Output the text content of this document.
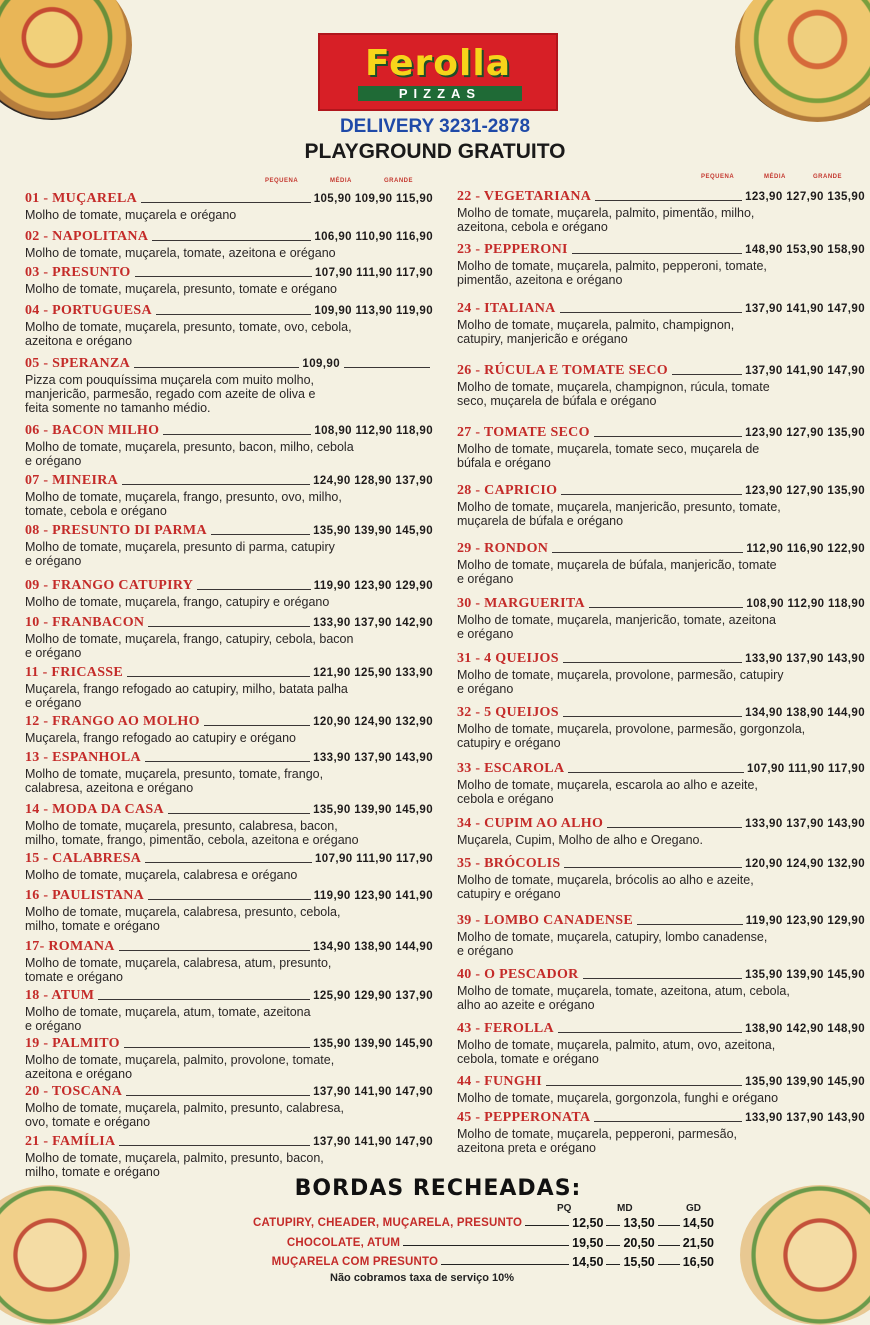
Ferolla
PIZZAS
DELIVERY 3231-2878
PLAYGROUND GRATUITO
PEQUENA	MÉDIA	GRANDE
PEQUENA	MÉDIA	GRANDE
01 - MUÇARELA	105,90 109,90 115,90
Molho de tomate, muçarela e orégano
02 - NAPOLITANA	106,90 110,90 116,90
Molho de tomate, muçarela, tomate, azeitona e orégano
03 - PRESUNTO	107,90 111,90 117,90
Molho de tomate, muçarela, presunto, tomate e orégano
04 - PORTUGUESA	109,90 113,90 119,90
Molho de tomate, muçarela, presunto, tomate, ovo, cebola,
azeitona e orégano
05 - SPERANZA	109,90
Pizza com pouquíssima muçarela com muito molho,
manjericão, parmesão, regado com azeite de oliva e
feita somente no tamanho médio.
06 - BACON MILHO	108,90 112,90 118,90
Molho de tomate, muçarela, presunto, bacon, milho, cebola
e orégano
07 - MINEIRA	124,90 128,90 137,90
Molho de tomate, muçarela, frango, presunto, ovo, milho,
tomate, cebola e orégano
08 - PRESUNTO DI PARMA	135,90 139,90 145,90
Molho de tomate, muçarela, presunto di parma, catupiry
e orégano
09 - FRANGO CATUPIRY	119,90 123,90 129,90
Molho de tomate, muçarela, frango, catupiry e orégano
10 - FRANBACON	133,90 137,90 142,90
Molho de tomate, muçarela, frango, catupiry, cebola, bacon
e orégano
11 - FRICASSE	121,90 125,90 133,90
Muçarela, frango refogado ao catupiry, milho, batata palha
e orégano
12 - FRANGO AO MOLHO	120,90 124,90 132,90
Muçarela, frango refogado ao catupiry e orégano
13 - ESPANHOLA	133,90 137,90 143,90
Molho de tomate, muçarela, presunto, tomate, frango,
calabresa, azeitona e orégano
14 - MODA DA CASA	135,90 139,90 145,90
Molho de tomate, muçarela, presunto, calabresa, bacon,
milho, tomate, frango, pimentão, cebola, azeitona e orégano
15 - CALABRESA	107,90 111,90 117,90
Molho de tomate, muçarela, calabresa e orégano
16 - PAULISTANA	119,90 123,90 141,90
Molho de tomate, muçarela, calabresa, presunto, cebola,
milho, tomate e orégano
17- ROMANA	134,90 138,90 144,90
Molho de tomate, muçarela, calabresa, atum, presunto,
tomate e orégano
18 - ATUM	125,90 129,90 137,90
Molho de tomate, muçarela, atum, tomate, azeitona
e orégano
19 - PALMITO	135,90 139,90 145,90
Molho de tomate, muçarela, palmito, provolone, tomate,
azeitona e orégano
20 - TOSCANA	137,90 141,90 147,90
Molho de tomate, muçarela, palmito, presunto, calabresa,
ovo, tomate e orégano
21 - FAMÍLIA	137,90 141,90 147,90
Molho de tomate, muçarela, palmito, presunto, bacon,
milho, tomate e orégano
22 - VEGETARIANA	123,90 127,90 135,90
Molho de tomate, muçarela, palmito, pimentão, milho,
azeitona, cebola e orégano
23 - PEPPERONI	148,90 153,90 158,90
Molho de tomate, muçarela, palmito, pepperoni, tomate,
pimentão, azeitona e orégano
24 - ITALIANA	137,90 141,90 147,90
Molho de tomate, muçarela, palmito, champignon,
catupiry, manjericão e orégano
26 - RÚCULA E TOMATE SECO	137,90 141,90 147,90
Molho de tomate, muçarela, champignon, rúcula, tomate
seco, muçarela de búfala e orégano
27 - TOMATE SECO	123,90 127,90 135,90
Molho de tomate, muçarela, tomate seco, muçarela de
búfala e orégano
28 - CAPRICIO	123,90 127,90 135,90
Molho de tomate, muçarela, manjericão, presunto, tomate,
muçarela de búfala e orégano
29 - RONDON	112,90 116,90 122,90
Molho de tomate, muçarela de búfala, manjericão, tomate
e orégano
30 - MARGUERITA	108,90 112,90 118,90
Molho de tomate, muçarela, manjericão, tomate, azeitona
e orégano
31 - 4 QUEIJOS	133,90 137,90 143,90
Molho de tomate, muçarela, provolone, parmesão, catupiry
e orégano
32 - 5 QUEIJOS	134,90 138,90 144,90
Molho de tomate, muçarela, provolone, parmesão, gorgonzola,
catupiry e orégano
33 - ESCAROLA	107,90 111,90 117,90
Molho de tomate, muçarela, escarola ao alho e azeite,
cebola e orégano
34 - CUPIM AO ALHO	133,90 137,90 143,90
Muçarela, Cupim, Molho de alho e Oregano.
35 - BRÓCOLIS	120,90 124,90 132,90
Molho de tomate, muçarela, brócolis ao alho e azeite,
catupiry e orégano
39 - LOMBO CANADENSE	119,90 123,90 129,90
Molho de tomate, muçarela, catupiry, lombo canadense,
e orégano
40 - O PESCADOR	135,90 139,90 145,90
Molho de tomate, muçarela, tomate, azeitona, atum, cebola,
alho ao azeite e orégano
43 - FEROLLA	138,90 142,90 148,90
Molho de tomate, muçarela, palmito, atum, ovo, azeitona,
cebola, tomate e orégano
44 - FUNGHI	135,90 139,90 145,90
Molho de tomate, muçarela, gorgonzola, funghi e orégano
45 - PEPPERONATA	133,90 137,90 143,90
Molho de tomate, muçarela, pepperoni, parmesão,
azeitona preta e orégano
BORDAS RECHEADAS:
PQ	MD	GD
CATUPIRY, CHEADER, MUÇARELA, PRESUNTO	12,50 13,50 14,50
CHOCOLATE, ATUM	19,50 20,50 21,50
MUÇARELA COM PRESUNTO	14,50 15,50 16,50
Não cobramos taxa de serviço 10%
